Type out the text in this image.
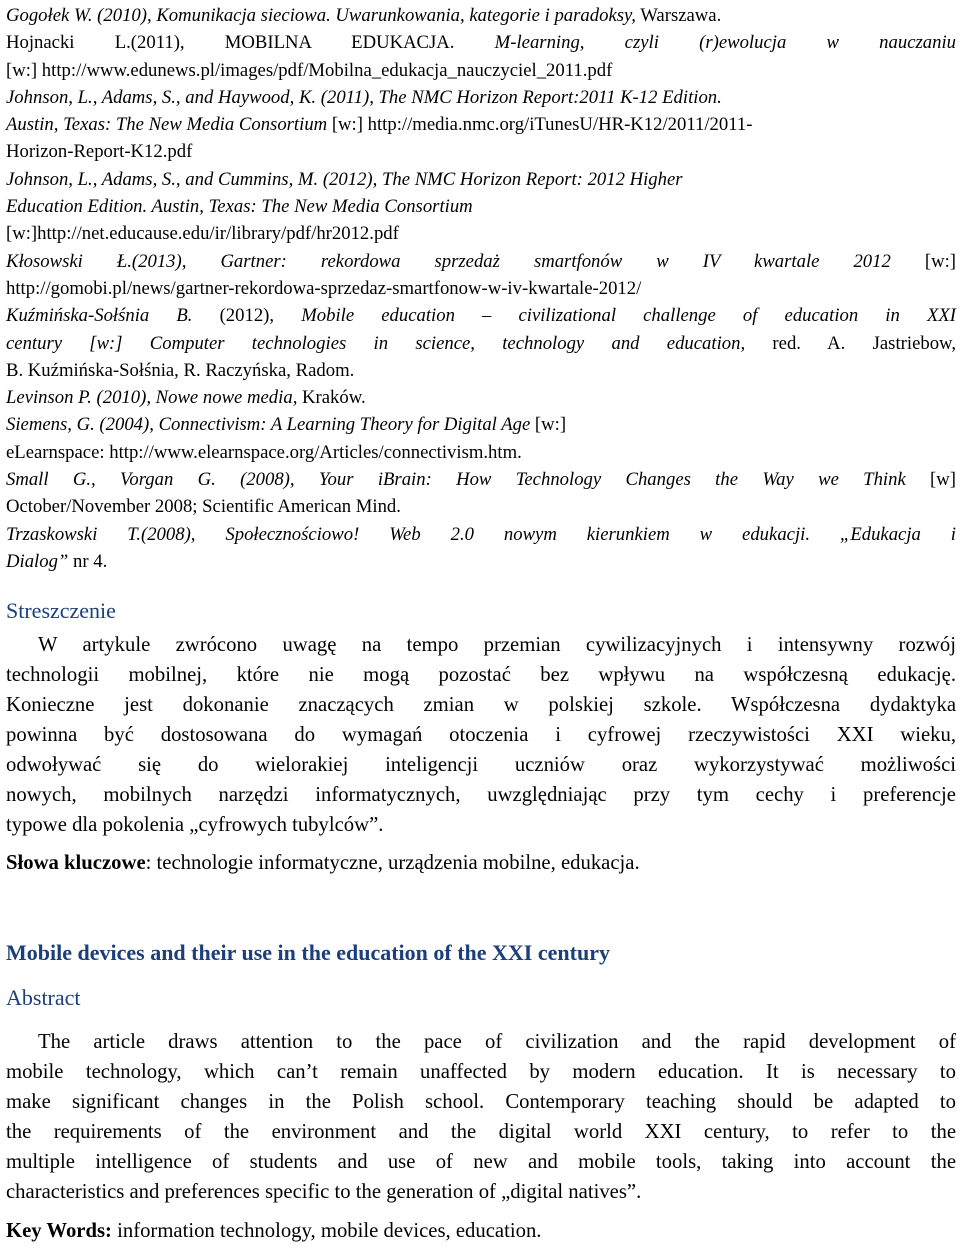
Gogołek W. (2010), Komunikacja sieciowa. Uwarunkowania, kategorie i paradoksy, Warszawa.
Hojnacki L.(2011), MOBILNA EDUKACJA. M-learning, czyli (r)ewolucja w nauczaniu
[w:] http://www.edunews.pl/images/pdf/Mobilna_edukacja_nauczyciel_2011.pdf
Johnson, L., Adams, S., and Haywood, K. (2011), The NMC Horizon Report:2011 K-12 Edition.
Austin, Texas: The New Media Consortium [w:] http://media.nmc.org/iTunesU/HR-K12/2011/2011-
Horizon-Report-K12.pdf
Johnson, L., Adams, S., and Cummins, M. (2012), The NMC Horizon Report: 2012 Higher
Education Edition. Austin, Texas: The New Media Consortium
[w:]http://net.educause.edu/ir/library/pdf/hr2012.pdf
Kłosowski Ł.(2013), Gartner: rekordowa sprzedaż smartfonów w IV kwartale 2012 [w:]
http://gomobi.pl/news/gartner-rekordowa-sprzedaz-smartfonow-w-iv-kwartale-2012/
Kuźmińska-Sołśnia B. (2012), Mobile education – civilizational challenge of education in XXI
century [w:] Computer technologies in science, technology and education, red. A. Jastriebow,
B. Kuźmińska-Sołśnia, R. Raczyńska, Radom.
Levinson P. (2010), Nowe nowe media, Kraków.
Siemens, G. (2004), Connectivism: A Learning Theory for Digital Age [w:]
eLearnspace: http://www.elearnspace.org/Articles/connectivism.htm.
Small G., Vorgan G. (2008), Your iBrain: How Technology Changes the Way we Think [w]
October/November 2008; Scientific American Mind.
Trzaskowski T.(2008), Społecznościowo! Web 2.0 nowym kierunkiem w edukacji. „Edukacja i
Dialog” nr 4.
Streszczenie
W artykule zwrócono uwagę na tempo przemian cywilizacyjnych i intensywny rozwój
technologii mobilnej, które nie mogą pozostać bez wpływu na współczesną edukację.
Konieczne jest dokonanie znaczących zmian w polskiej szkole. Współczesna dydaktyka
powinna być dostosowana do wymagań otoczenia i cyfrowej rzeczywistości XXI wieku,
odwoływać się do wielorakiej inteligencji uczniów oraz wykorzystywać możliwości
nowych, mobilnych narzędzi informatycznych, uwzględniając przy tym cechy i preferencje
typowe dla pokolenia „cyfrowych tubylców”.
Słowa kluczowe: technologie informatyczne, urządzenia mobilne, edukacja.
Mobile devices and their use in the education of the XXI century
Abstract
The article draws attention to the pace of civilization and the rapid development of
mobile technology, which can’t remain unaffected by modern education. It is necessary to
make significant changes in the Polish school. Contemporary teaching should be adapted to
the requirements of the environment and the digital world XXI century, to refer to the
multiple intelligence of students and use of new and mobile tools, taking into account the
characteristics and preferences specific to the generation of „digital natives”.
Key Words: information technology, mobile devices, education.
